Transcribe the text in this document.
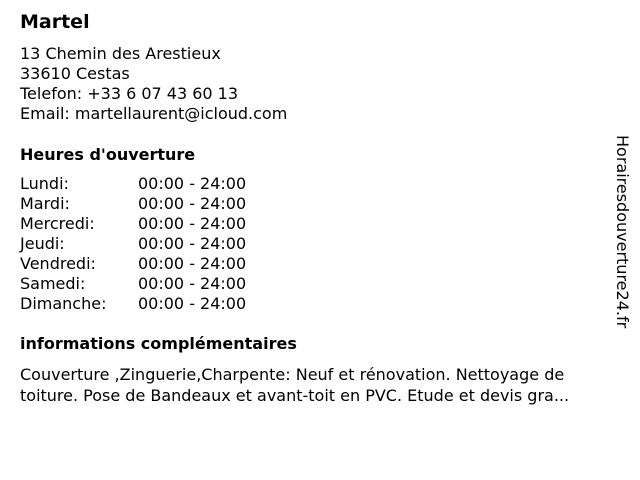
Martel
13 Chemin des Arestieux
33610 Cestas
Telefon: +33 6 07 43 60 13
Email: martellaurent@icloud.com
Heures d'ouverture
Lundi:	00:00 - 24:00
Mardi:	00:00 - 24:00
Mercredi:	00:00 - 24:00
Jeudi:	00:00 - 24:00
Vendredi:	00:00 - 24:00
Samedi:	00:00 - 24:00
Dimanche:	00:00 - 24:00
informations complémentaires
Couverture ,Zinguerie,Charpente: Neuf et rénovation. Nettoyage de
toiture. Pose de Bandeaux et avant-toit en PVC. Etude et devis gra...
Horairesdouverture24.fr
